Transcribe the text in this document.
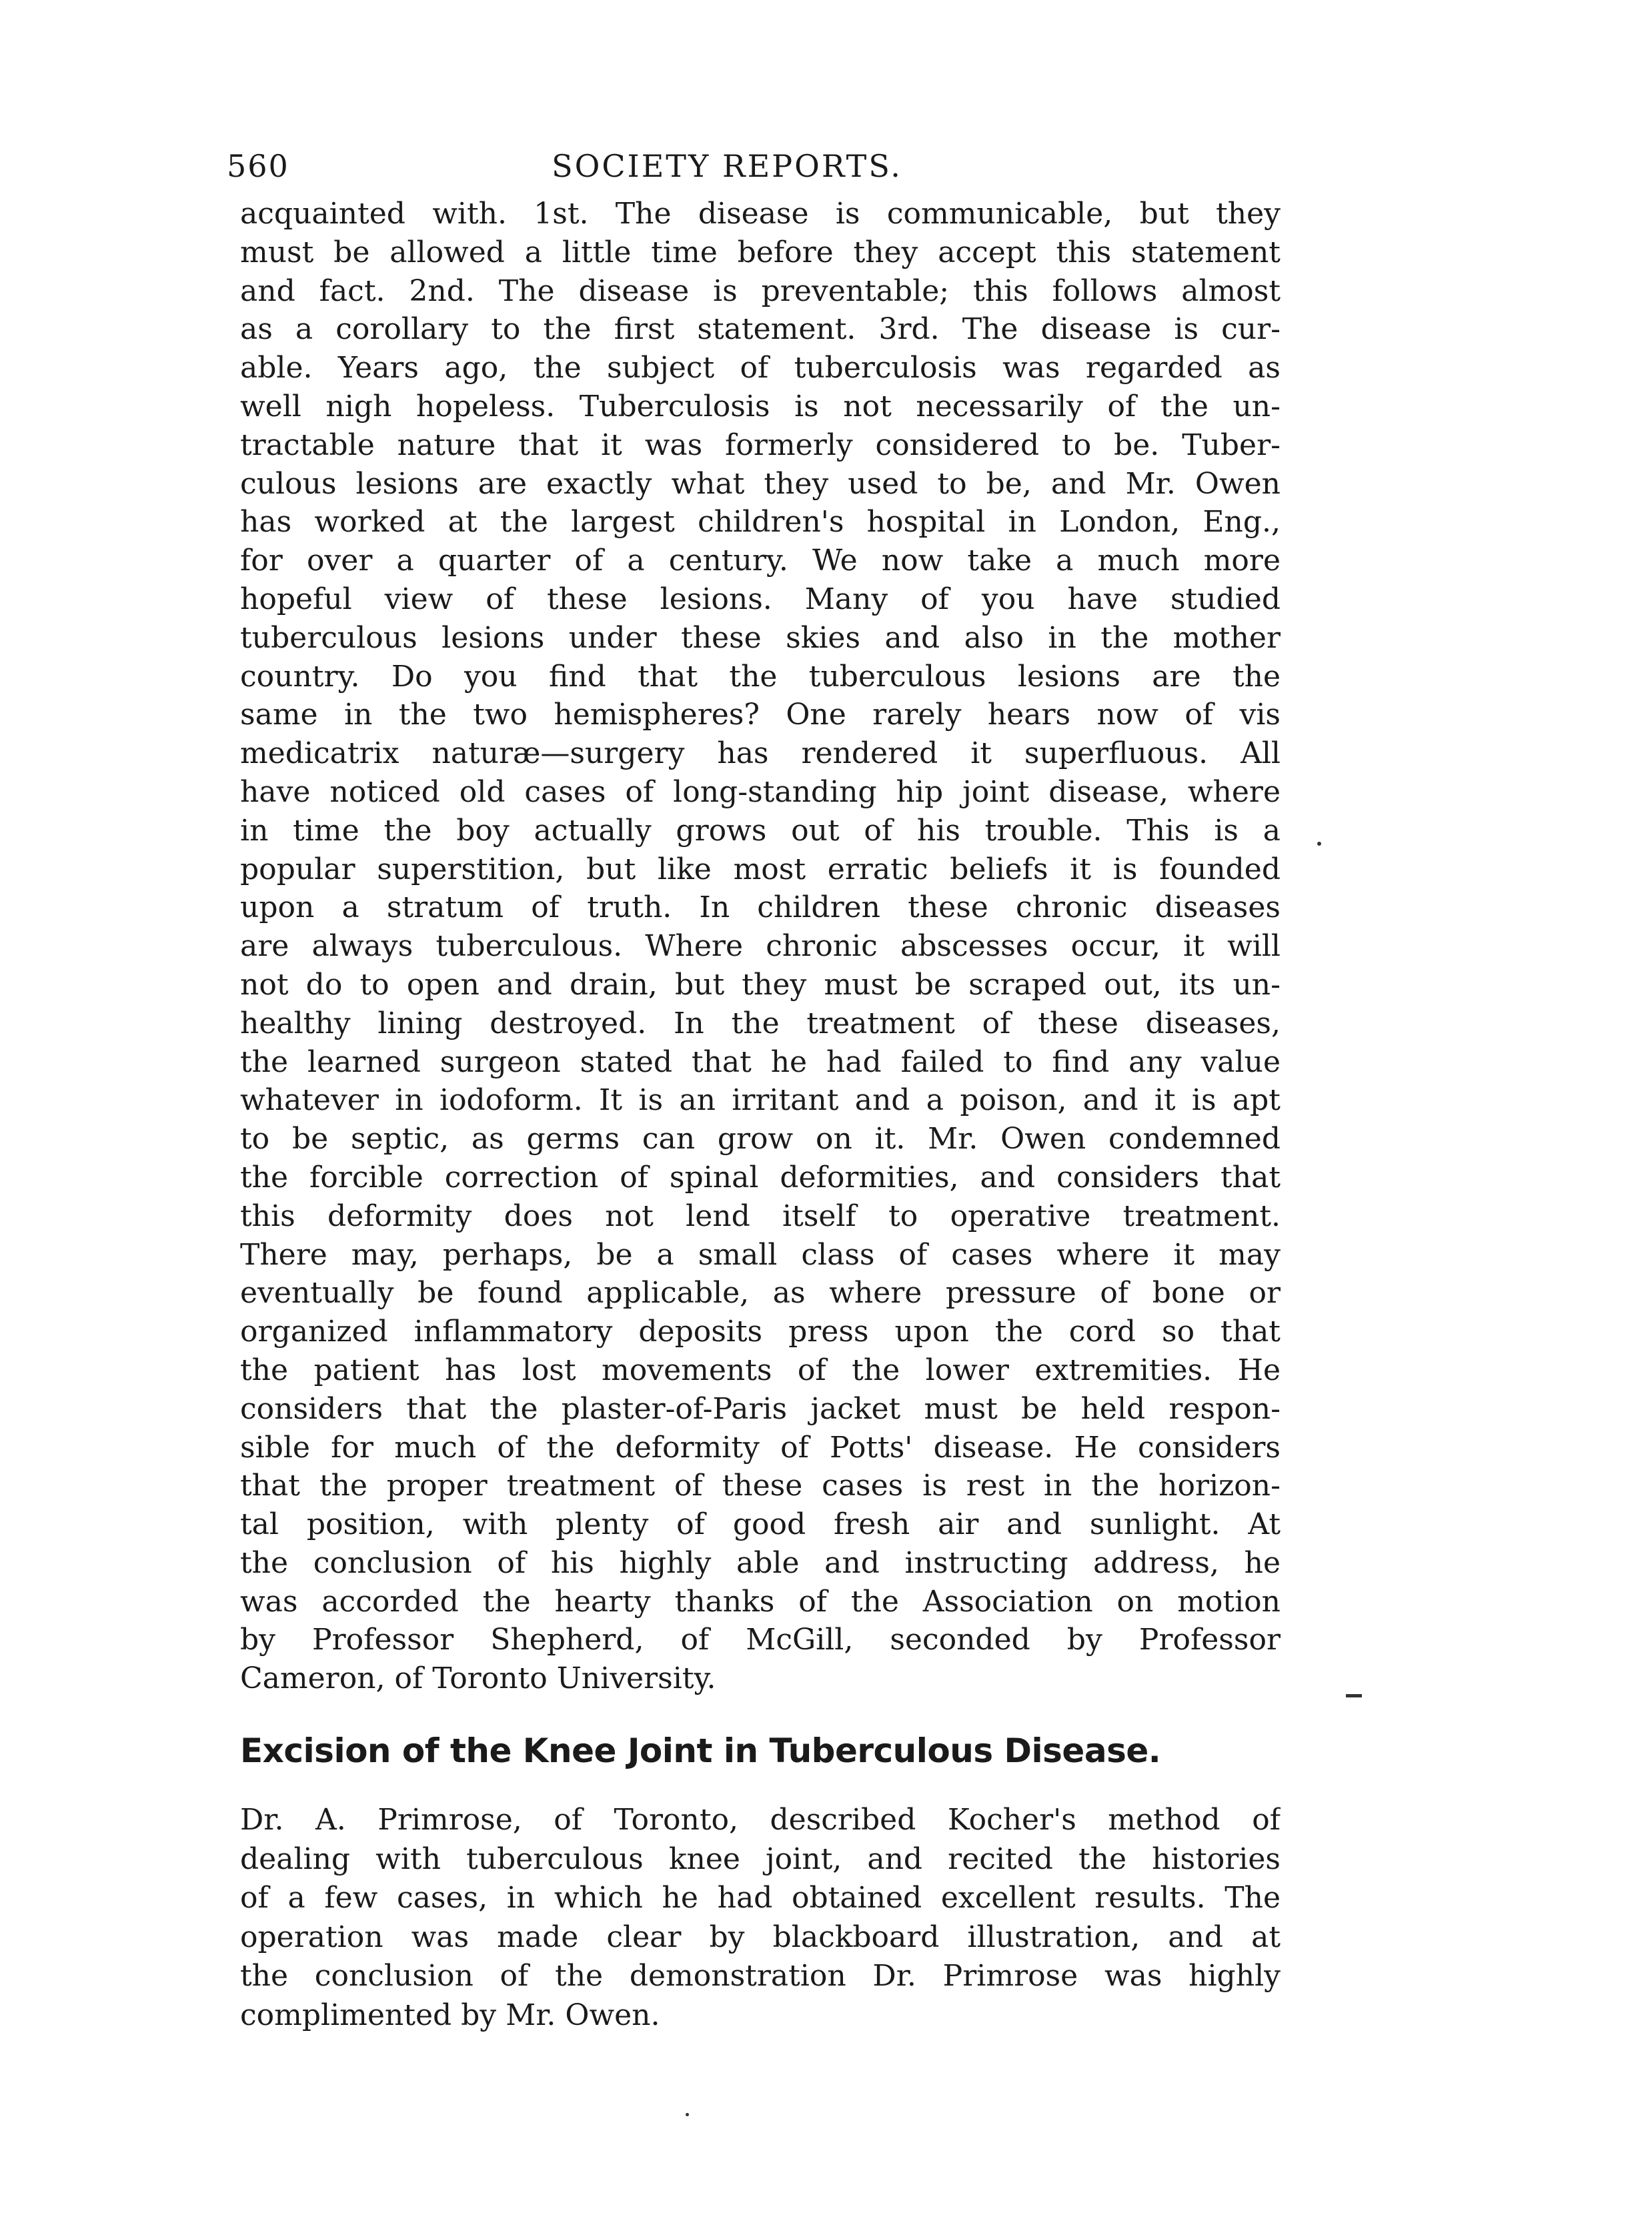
560	SOCIETY REPORTS.
acquainted with. 1st. The disease is communicable, but they
must be allowed a little time before they accept this statement
and fact. 2nd. The disease is preventable; this follows almost
as a corollary to the first statement. 3rd. The disease is cur-
able. Years ago, the subject of tuberculosis was regarded as
well nigh hopeless. Tuberculosis is not necessarily of the un-
tractable nature that it was formerly considered to be. Tuber-
culous lesions are exactly what they used to be, and Mr. Owen
has worked at the largest children's hospital in London, Eng.,
for over a quarter of a century. We now take a much more
hopeful view of these lesions. Many of you have studied
tuberculous lesions under these skies and also in the mother
country. Do you find that the tuberculous lesions are the
same in the two hemispheres? One rarely hears now of vis
medicatrix naturæ—surgery has rendered it superfluous. All
have noticed old cases of long-standing hip joint disease, where
in time the boy actually grows out of his trouble. This is a
popular superstition, but like most erratic beliefs it is founded
upon a stratum of truth. In children these chronic diseases
are always tuberculous. Where chronic abscesses occur, it will
not do to open and drain, but they must be scraped out, its un-
healthy lining destroyed. In the treatment of these diseases,
the learned surgeon stated that he had failed to find any value
whatever in iodoform. It is an irritant and a poison, and it is apt
to be septic, as germs can grow on it. Mr. Owen condemned
the forcible correction of spinal deformities, and considers that
this deformity does not lend itself to operative treatment.
There may, perhaps, be a small class of cases where it may
eventually be found applicable, as where pressure of bone or
organized inflammatory deposits press upon the cord so that
the patient has lost movements of the lower extremities. He
considers that the plaster-of-Paris jacket must be held respon-
sible for much of the deformity of Potts' disease. He considers
that the proper treatment of these cases is rest in the horizon-
tal position, with plenty of good fresh air and sunlight. At
the conclusion of his highly able and instructing address, he
was accorded the hearty thanks of the Association on motion
by Professor Shepherd, of McGill, seconded by Professor
Cameron, of Toronto University.
Excision of the Knee Joint in Tuberculous Disease.
Dr. A. Primrose, of Toronto, described Kocher's method of
dealing with tuberculous knee joint, and recited the histories
of a few cases, in which he had obtained excellent results. The
operation was made clear by blackboard illustration, and at
the conclusion of the demonstration Dr. Primrose was highly
complimented by Mr. Owen.
